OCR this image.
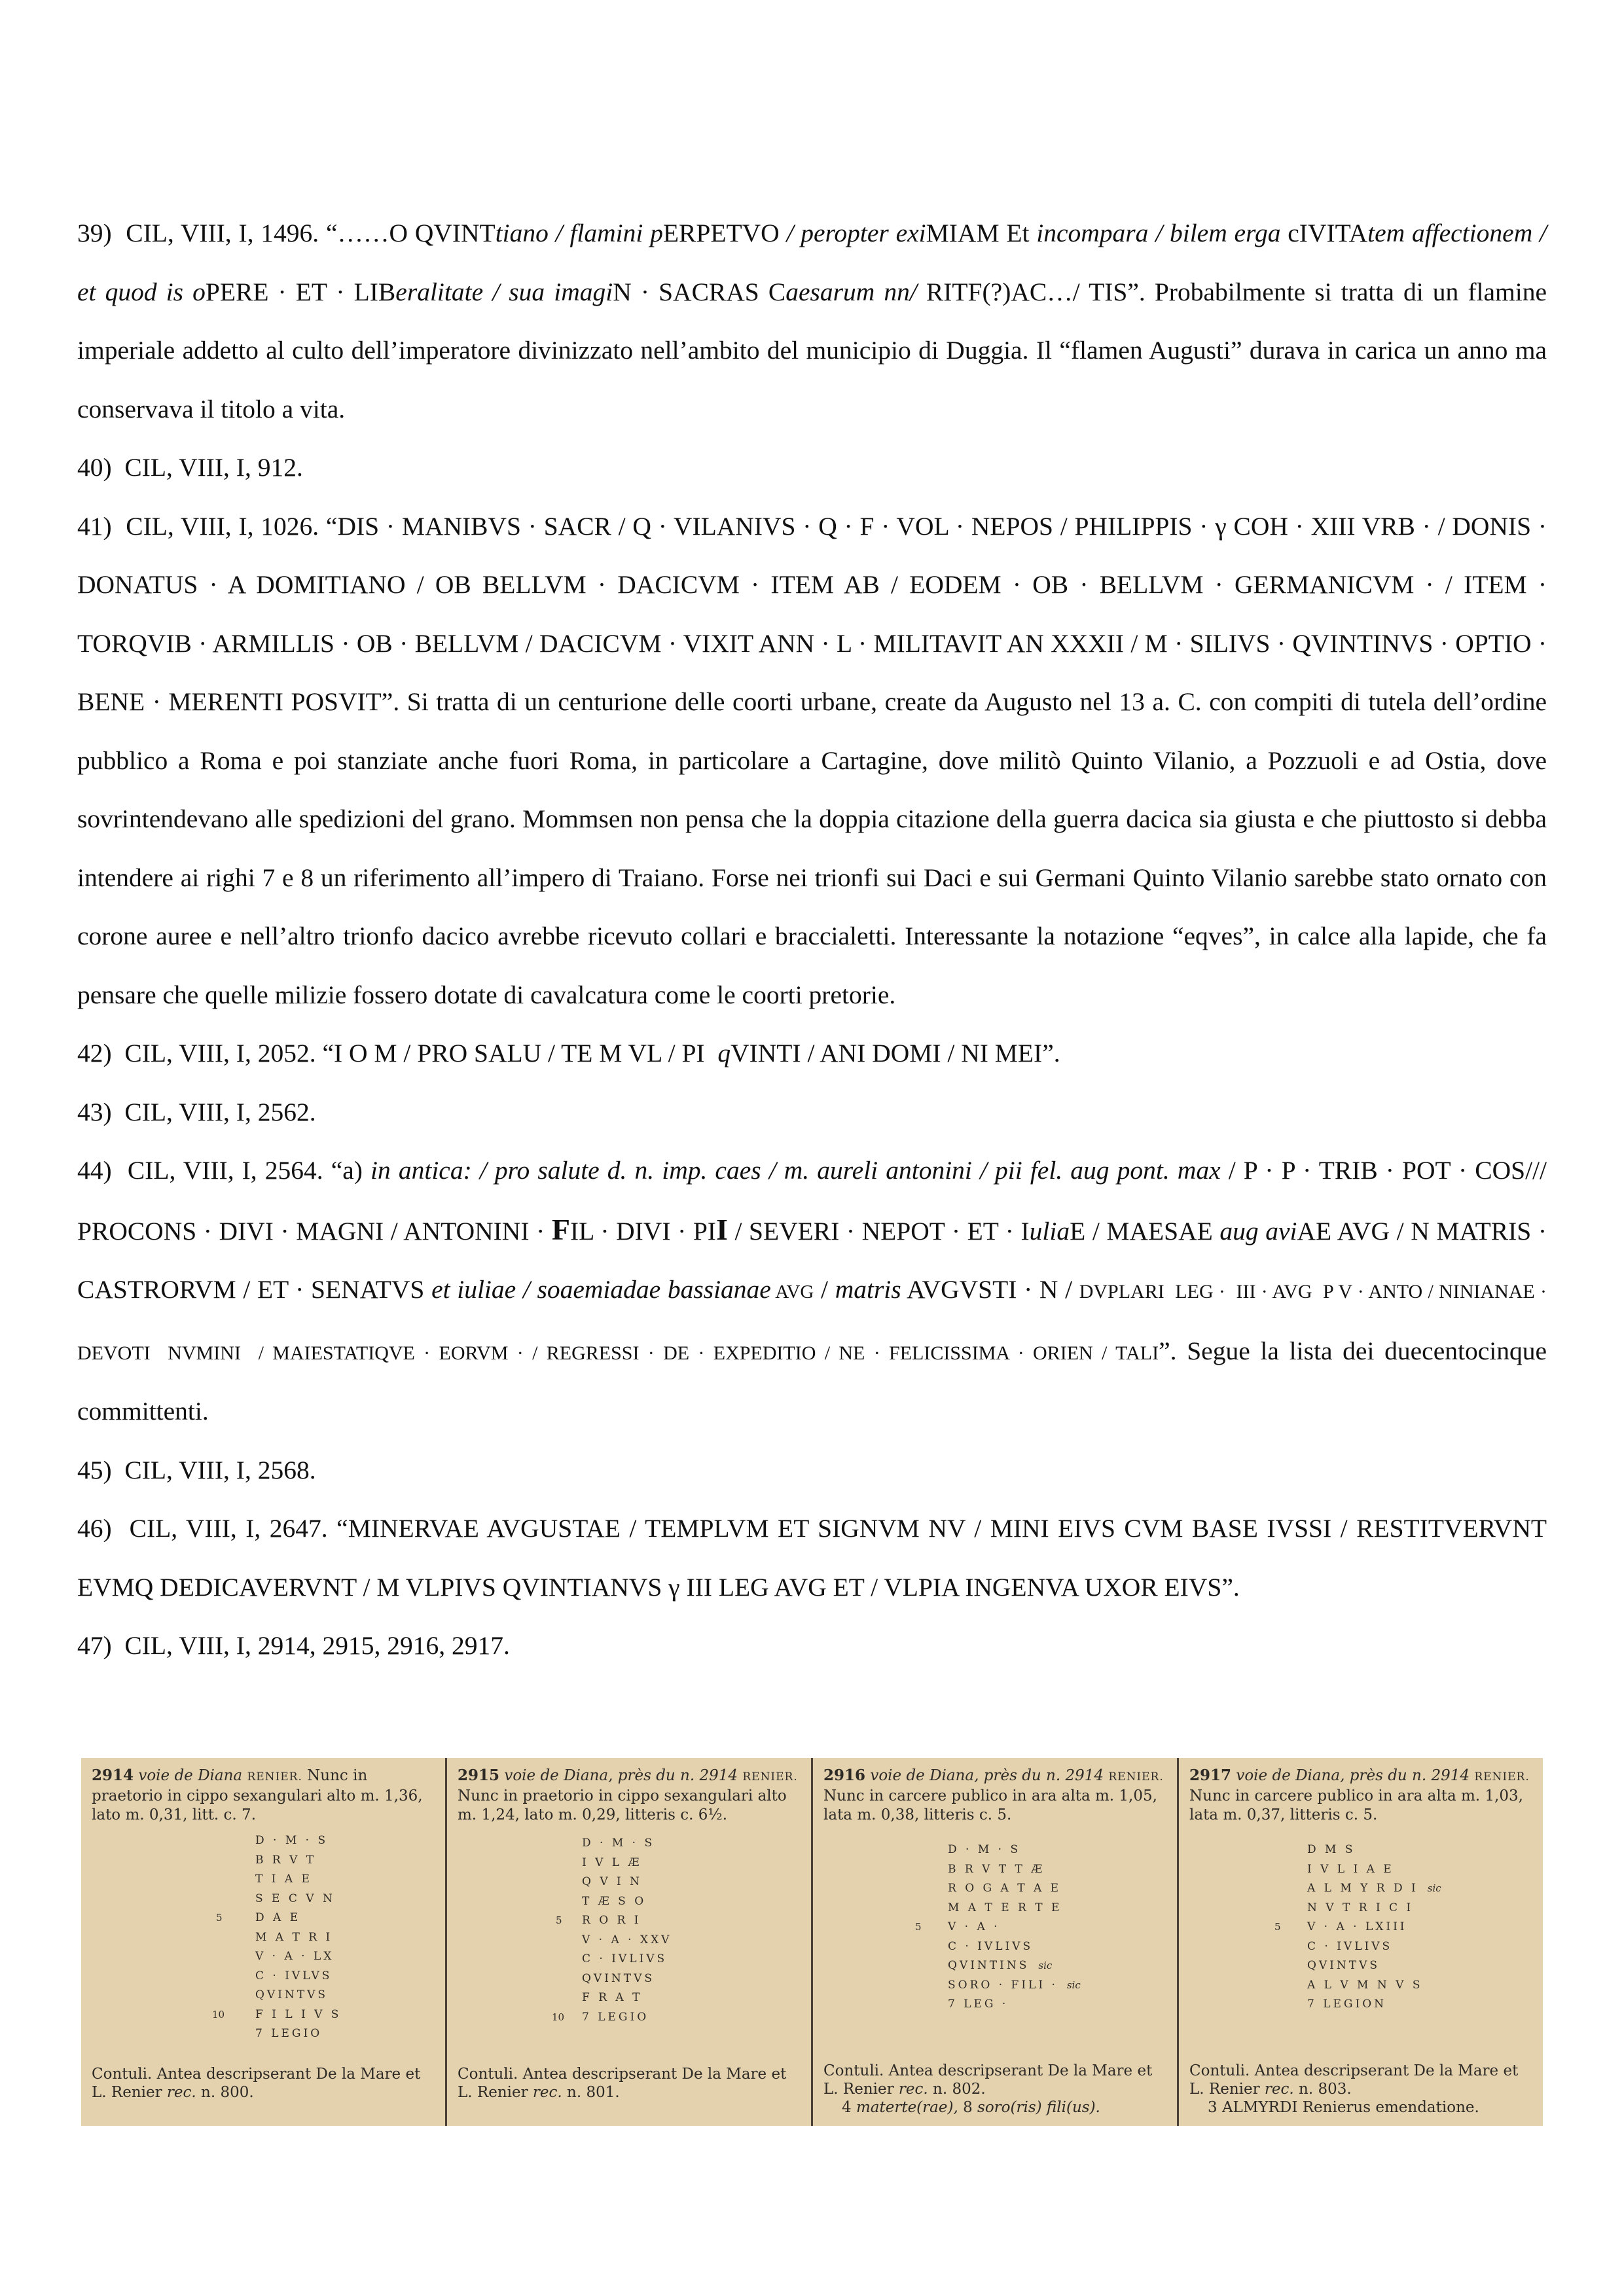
39)  CIL, VIII, I, 1496. “……O QVINTtiano / flamini pERPETVO / peropter exiMIAM Et incompara / bilem erga cIVITAtem affectionem / et quod is oPERE · ET · LIBeralitate / sua imagiN · SACRAS Caesarum nn/ RITF(?)AC…/ TIS”. Probabilmente si tratta di un flamine imperiale addetto al culto dell’imperatore divinizzato nell’ambito del municipio di Duggia. Il “flamen Augusti” durava in carica un anno ma conservava il titolo a vita.

40)  CIL, VIII, I, 912.

41)  CIL, VIII, I, 1026. “DIS · MANIBVS · SACR / Q · VILANIVS · Q · F · VOL · NEPOS / PHILIPPIS · γ COH · XIII VRB · / DONIS · DONATUS · A DOMITIANO / OB BELLVM · DACICVM · ITEM AB / EODEM · OB · BELLVM · GERMANICVM · / ITEM · TORQVIB · ARMILLIS · OB · BELLVM / DACICVM · VIXIT ANN · L · MILITAVIT AN XXXII / M · SILIVS · QVINTINVS · OPTIO · BENE · MERENTI POSVIT”. Si tratta di un centurione delle coorti urbane, create da Augusto nel 13 a. C. con compiti di tutela dell’ordine pubblico a Roma e poi stanziate anche fuori Roma, in particolare a Cartagine, dove militò Quinto Vilanio, a Pozzuoli e ad Ostia, dove sovrintendevano alle spedizioni del grano. Mommsen non pensa che la doppia citazione della guerra dacica sia giusta e che piuttosto si debba intendere ai righi 7 e 8 un riferimento all’impero di Traiano. Forse nei trionfi sui Daci e sui Germani Quinto Vilanio sarebbe stato ornato con corone auree e nell’altro trionfo dacico avrebbe ricevuto collari e braccialetti. Interessante la notazione “eqves”, in calce alla lapide, che fa pensare che quelle milizie fossero dotate di cavalcatura come le coorti pretorie.

42)  CIL, VIII, I, 2052. “I O M / PRO SALU / TE M VL / PI  qVINTI / ANI DOMI / NI MEI”.

43)  CIL, VIII, I, 2562.

44)  CIL, VIII, I, 2564. “a) in antica: / pro salute d. n. imp. caes / m. aureli antonini / pii fel. aug pont. max / P · P · TRIB · POT · COS/// PROCONS · DIVI · MAGNI / ANTONINI · FIL · DIVI · PII / SEVERI · NEPOT · ET · IuliaE / MAESAE aug aviAE AVG / N MATRIS · CASTRORVM / ET · SENATVS et iuliae / soaemiadae bassianae AVG / matris AVGVSTI · N / DVPLARI  LEG ·  III · AVG  P V · ANTO / NINIANAE · DEVOTI  NVMINI  / MAIESTATIQVE · EORVM · / REGRESSI · DE · EXPEDITIO / NE · FELICISSIMA · ORIEN / TALI”. Segue la lista dei duecentocinque committenti.

45)  CIL, VIII, I, 2568.

46)  CIL, VIII, I, 2647. “MINERVAE AVGUSTAE / TEMPLVM ET SIGNVM NV / MINI EIVS CVM BASE IVSSI / RESTITVERVNT EVMQ DEDICAVERVNT / M VLPIVS QVINTIANVS γ III LEG AVG ET / VLPIA INGENVA UXOR EIVS”.

47)  CIL, VIII, I, 2914, 2915, 2916, 2917.

2914 voie de Diana RENIER. Nunc in praetorio in cippo sexangulari alto m. 1,36, lato m. 0,31, litt. c. 7.

D · M · S
B R V T
T I A E
S E C V N
5	D A E
M A T R I
V · A · LX
C · IVLVS
QVINTVS
10	F I L I V S
7 LEGIO

Contuli. Antea descripserant De la Mare et L. Renier rec. n. 800.

2915 voie de Diana, près du n. 2914 RENIER. Nunc in praetorio in cippo sexangulari alto m. 1,24, lato m. 0,29, litteris c. 6½.

D · M · S
I V L Æ
Q V I N
T Æ S O
5 R O R I
V · A · XXV
C · IVLIVS
QVINTVS
F R A T
10 7 LEGIO

Contuli. Antea descripserant De la Mare et L. Renier rec. n. 801.

2916 voie de Diana, près du n. 2914 RENIER. Nunc in carcere publico in ara alta m. 1,05, lata m. 0,38, litteris c. 5.

D · M · S
B R V T T Æ
R O G A T A E
M A T E R T E
5 V · A ·
C · IVLIVS
QVINTINS sic
SORO · FILI · sic
7 LEG ·
Contuli. Antea descripserant De la Mare et L. Renier rec. n. 802.
4 materte(rae), 8 soro(ris) fili(us).

2917 voie de Diana, près du n. 2914 RENIER. Nunc in carcere publico in ara alta m. 1,03, lata m. 0,37, litteris c. 5.

D M S
I V L I A E
A L M Y R D I sic
N V T R I C I
5 V · A · LXIII
C · IVLIVS
QVINTVS
A L V M N V S
7 LEGION
Contuli. Antea descripserant De la Mare et L. Renier rec. n. 803.
3 ALMYRDI Renierus emendatione.
